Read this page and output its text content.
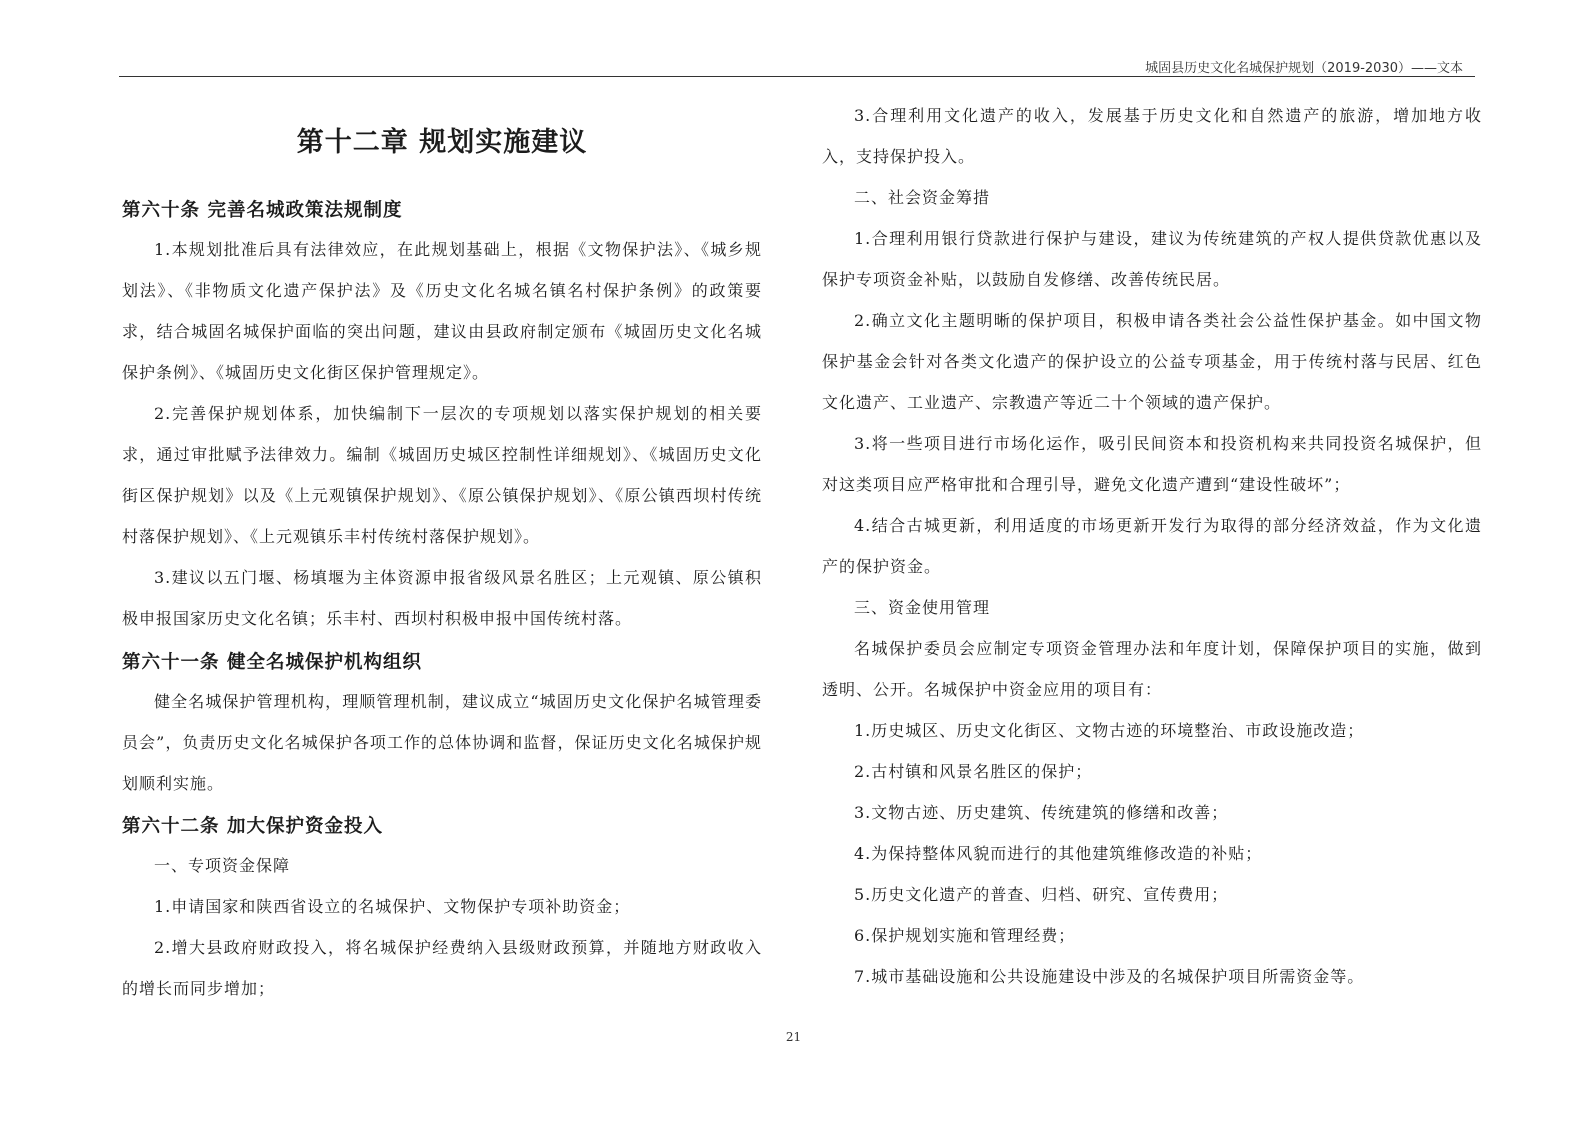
城固县历史文化名城保护规划（2019-2030）——文本
第十二章 规划实施建议
第六十条 完善名城政策法规制度
1.本规划批准后具有法律效应，在此规划基础上，根据《文物保护法》、《城乡规划法》、《非物质文化遗产保护法》及《历史文化名城名镇名村保护条例》的政策要求，结合城固名城保护面临的突出问题，建议由县政府制定颁布《城固历史文化名城保护条例》、《城固历史文化街区保护管理规定》。
2.完善保护规划体系，加快编制下一层次的专项规划以落实保护规划的相关要求，通过审批赋予法律效力。编制《城固历史城区控制性详细规划》、《城固历史文化街区保护规划》以及《上元观镇保护规划》、《原公镇保护规划》、《原公镇西坝村传统村落保护规划》、《上元观镇乐丰村传统村落保护规划》。
3.建议以五门堰、杨填堰为主体资源申报省级风景名胜区；上元观镇、原公镇积极申报国家历史文化名镇；乐丰村、西坝村积极申报中国传统村落。
第六十一条 健全名城保护机构组织
健全名城保护管理机构，理顺管理机制，建议成立“城固历史文化保护名城管理委员会”，负责历史文化名城保护各项工作的总体协调和监督，保证历史文化名城保护规划顺利实施。
第六十二条 加大保护资金投入
一、专项资金保障
1.申请国家和陕西省设立的名城保护、文物保护专项补助资金；
2.增大县政府财政投入，将名城保护经费纳入县级财政预算，并随地方财政收入的增长而同步增加；
3.合理利用文化遗产的收入，发展基于历史文化和自然遗产的旅游，增加地方收入，支持保护投入。
二、社会资金筹措
1.合理利用银行贷款进行保护与建设，建议为传统建筑的产权人提供贷款优惠以及保护专项资金补贴，以鼓励自发修缮、改善传统民居。
2.确立文化主题明晰的保护项目，积极申请各类社会公益性保护基金。如中国文物保护基金会针对各类文化遗产的保护设立的公益专项基金，用于传统村落与民居、红色文化遗产、工业遗产、宗教遗产等近二十个领域的遗产保护。
3.将一些项目进行市场化运作，吸引民间资本和投资机构来共同投资名城保护，但对这类项目应严格审批和合理引导，避免文化遗产遭到“建设性破坏”；
4.结合古城更新，利用适度的市场更新开发行为取得的部分经济效益，作为文化遗产的保护资金。
三、资金使用管理
名城保护委员会应制定专项资金管理办法和年度计划，保障保护项目的实施，做到透明、公开。名城保护中资金应用的项目有：
1.历史城区、历史文化街区、文物古迹的环境整治、市政设施改造；
2.古村镇和风景名胜区的保护；
3.文物古迹、历史建筑、传统建筑的修缮和改善；
4.为保持整体风貌而进行的其他建筑维修改造的补贴；
5.历史文化遗产的普查、归档、研究、宣传费用；
6.保护规划实施和管理经费；
7.城市基础设施和公共设施建设中涉及的名城保护项目所需资金等。
21
